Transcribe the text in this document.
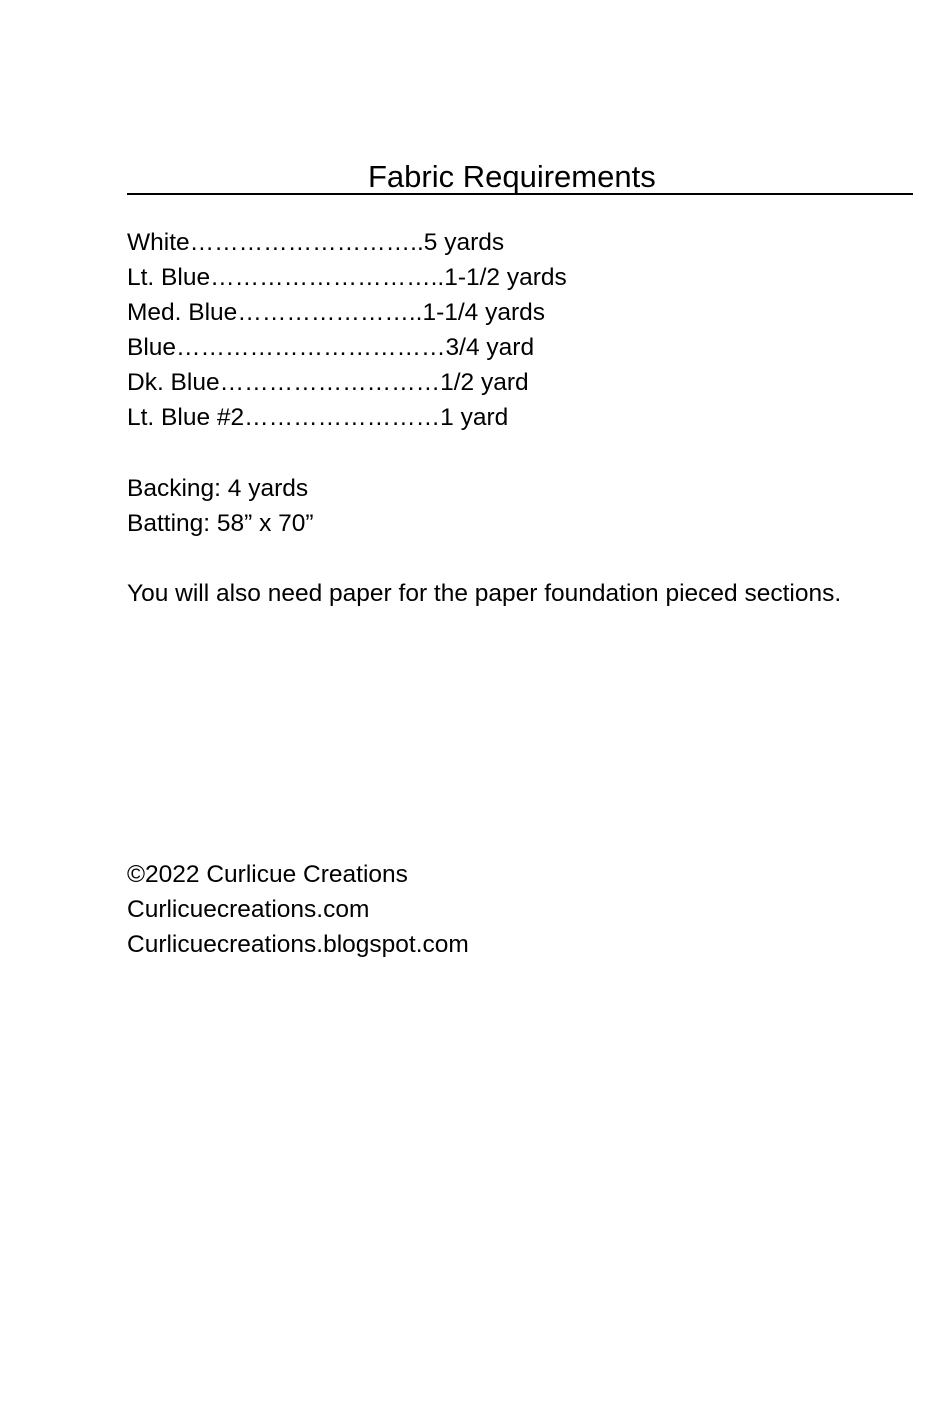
Fabric Requirements
White………………………..5 yards
Lt. Blue………………………..1-1/2 yards
Med. Blue…………………..1-1/4 yards
Blue……………………………3/4 yard
Dk. Blue………………………1/2 yard
Lt. Blue #2……………………1 yard
Backing: 4 yards
Batting: 58” x 70”
You will also need paper for the paper foundation pieced sections.
©2022 Curlicue Creations
Curlicuecreations.com
Curlicuecreations.blogspot.com
